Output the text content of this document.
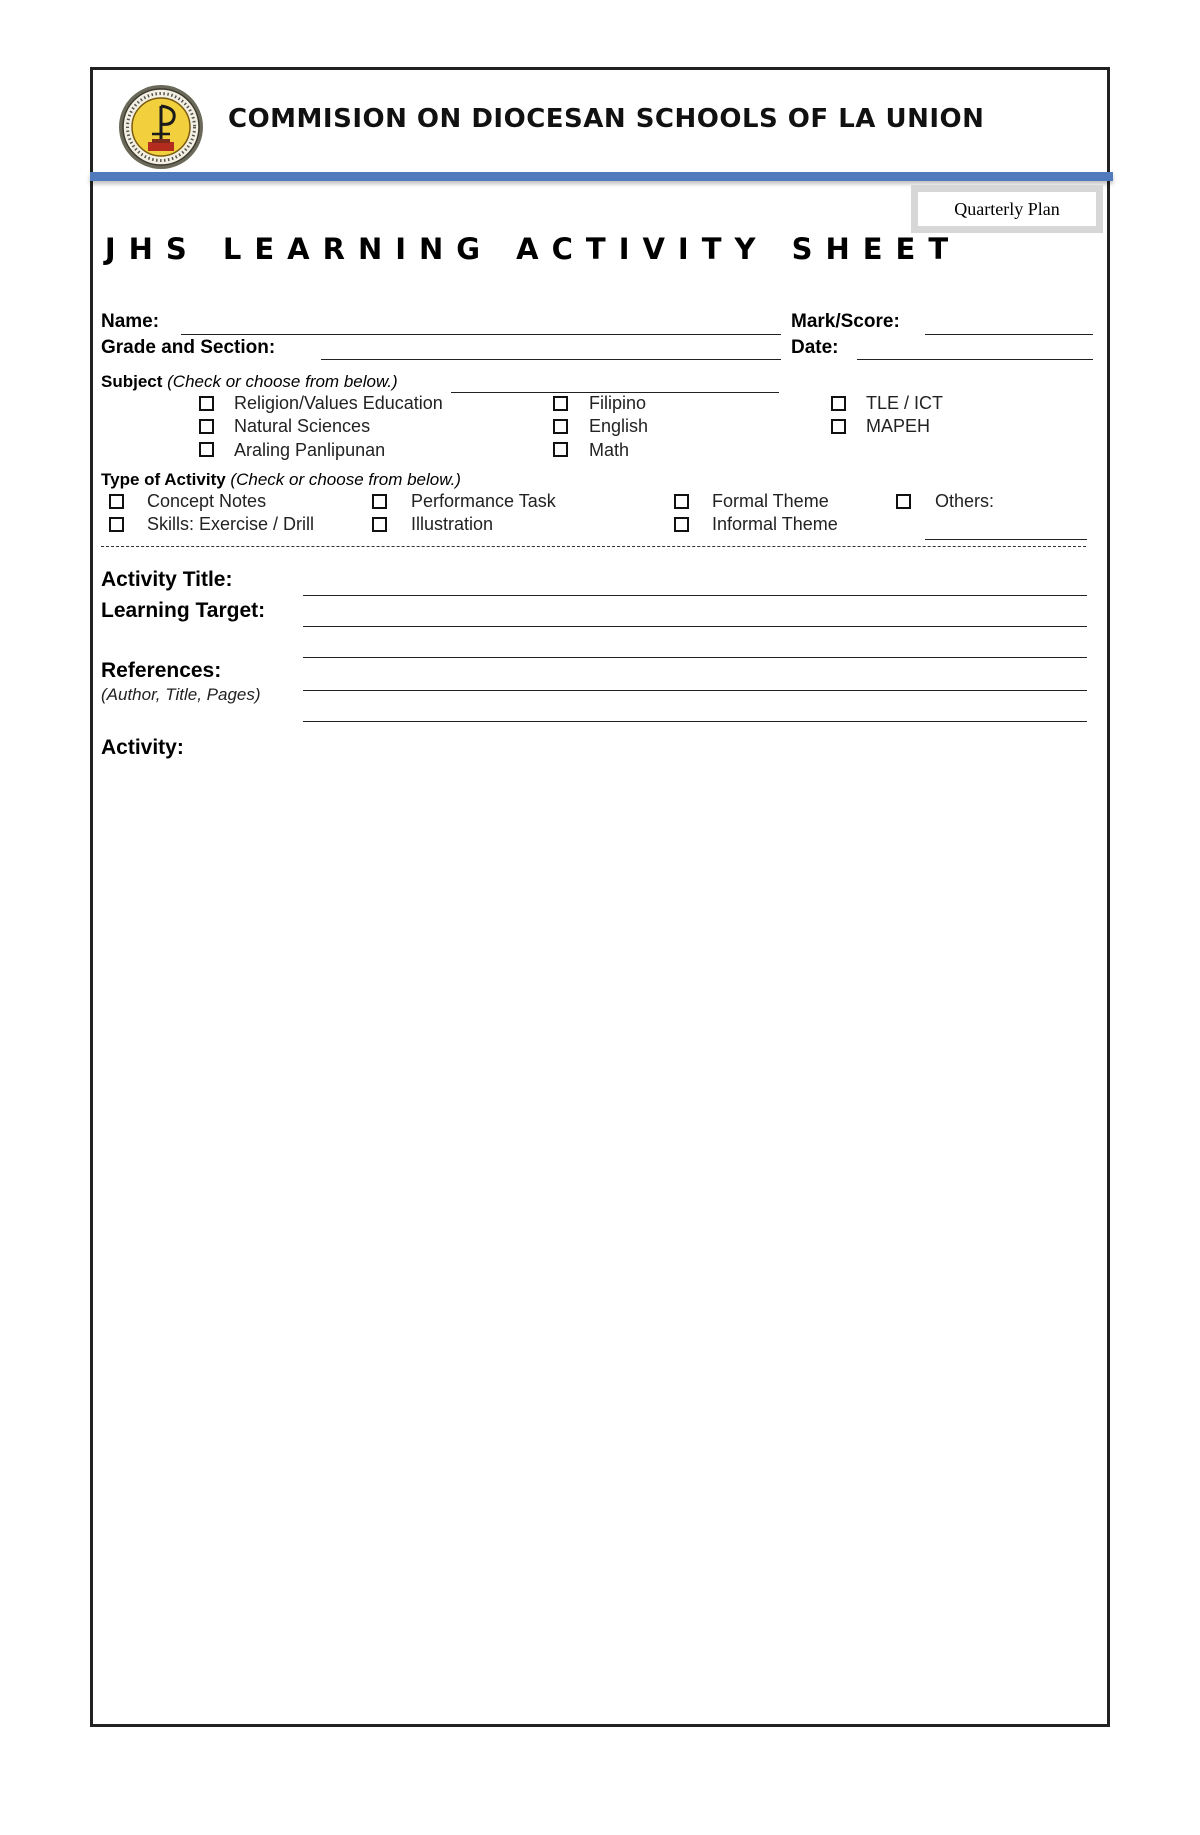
COMMISION ON DIOCESAN SCHOOLS OF LA UNION
Quarterly Plan
JHS LEARNING ACTIVITY SHEET
Name:	Mark/Score:
Grade and Section:	Date:
Subject (Check or choose from below.)
Religion/Values Education
Natural Sciences
Araling Panlipunan
Filipino
English
Math
TLE / ICT
MAPEH
Type of Activity (Check or choose from below.)
Concept Notes
Skills: Exercise / Drill
Performance Task
Illustration
Formal Theme
Informal Theme
Others:
Activity Title:
Learning Target:
References:
(Author, Title, Pages)
Activity:
